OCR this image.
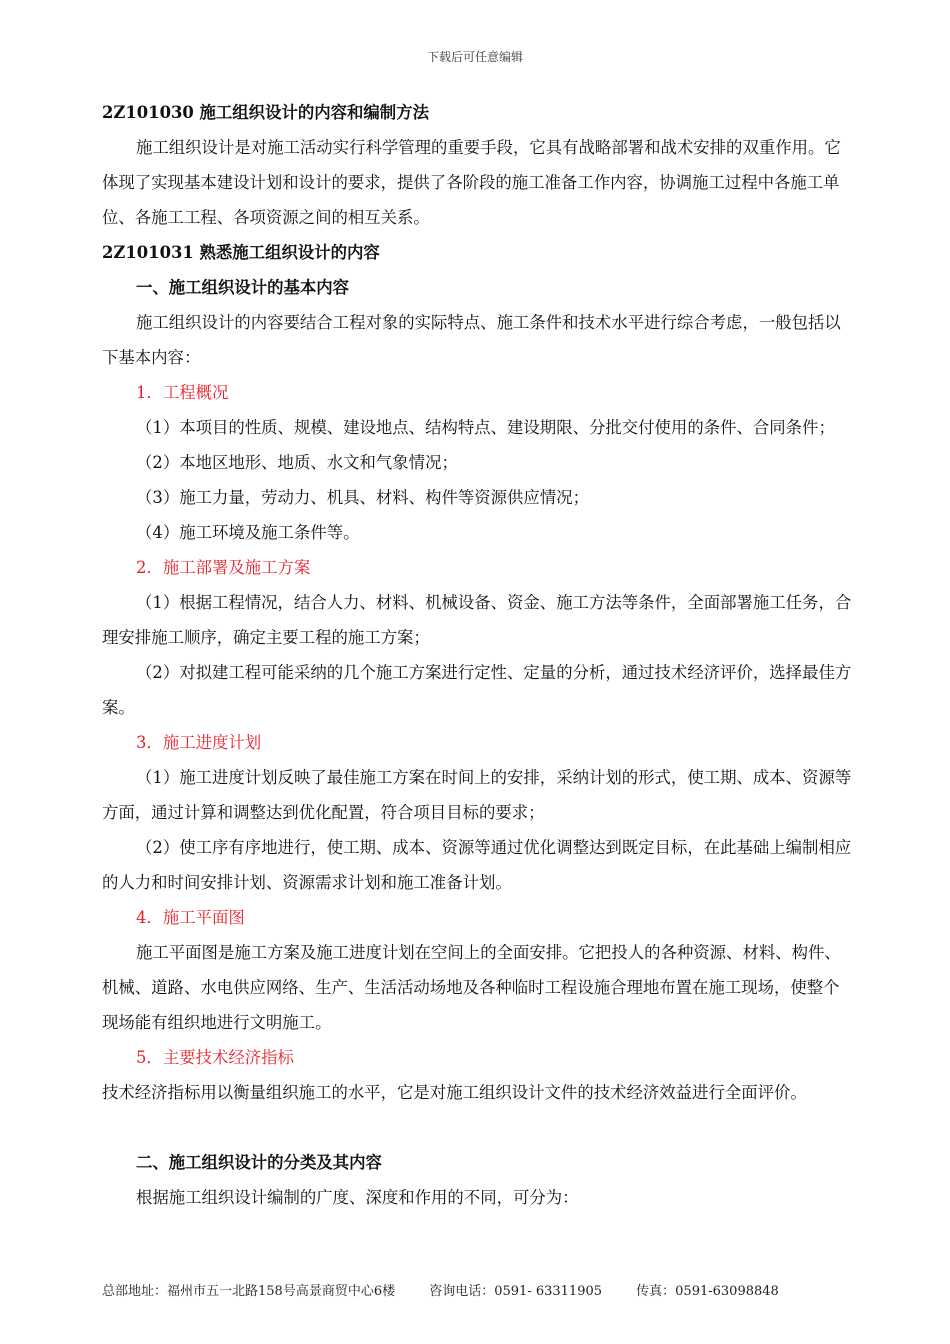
下载后可任意编辑

2Z101030 施工组织设计的内容和编制方法

施工组织设计是对施工活动实行科学管理的重要手段，它具有战略部署和战术安排的双重作用。它体现了实现基本建设计划和设计的要求，提供了各阶段的施工准备工作内容，协调施工过程中各施工单位、各施工工程、各项资源之间的相互关系。

2Z101031 熟悉施工组织设计的内容

一、施工组织设计的基本内容

施工组织设计的内容要结合工程对象的实际特点、施工条件和技术水平进行综合考虑，一般包括以下基本内容：

1．工程概况

（1）本项目的性质、规模、建设地点、结构特点、建设期限、分批交付使用的条件、合同条件；

（2）本地区地形、地质、水文和气象情况；

（3）施工力量，劳动力、机具、材料、构件等资源供应情况；

（4）施工环境及施工条件等。

2．施工部署及施工方案

（1）根据工程情况，结合人力、材料、机械设备、资金、施工方法等条件，全面部署施工任务，合理安排施工顺序，确定主要工程的施工方案；

（2）对拟建工程可能采纳的几个施工方案进行定性、定量的分析，通过技术经济评价，选择最佳方案。

3．施工进度计划

（1）施工进度计划反映了最佳施工方案在时间上的安排，采纳计划的形式，使工期、成本、资源等方面，通过计算和调整达到优化配置，符合项目目标的要求；

（2）使工序有序地进行，使工期、成本、资源等通过优化调整达到既定目标，在此基础上编制相应的人力和时间安排计划、资源需求计划和施工准备计划。

4．施工平面图

施工平面图是施工方案及施工进度计划在空间上的全面安排。它把投人的各种资源、材料、构件、机械、道路、水电供应网络、生产、生活活动场地及各种临时工程设施合理地布置在施工现场，使整个现场能有组织地进行文明施工。

5．主要技术经济指标

技术经济指标用以衡量组织施工的水平，它是对施工组织设计文件的技术经济效益进行全面评价。

二、施工组织设计的分类及其内容

根据施工组织设计编制的广度、深度和作用的不同，可分为：

总部地址：福州市五一北路158号高景商贸中心6楼	咨询电话：0591- 63311905	传真：0591-63098848
